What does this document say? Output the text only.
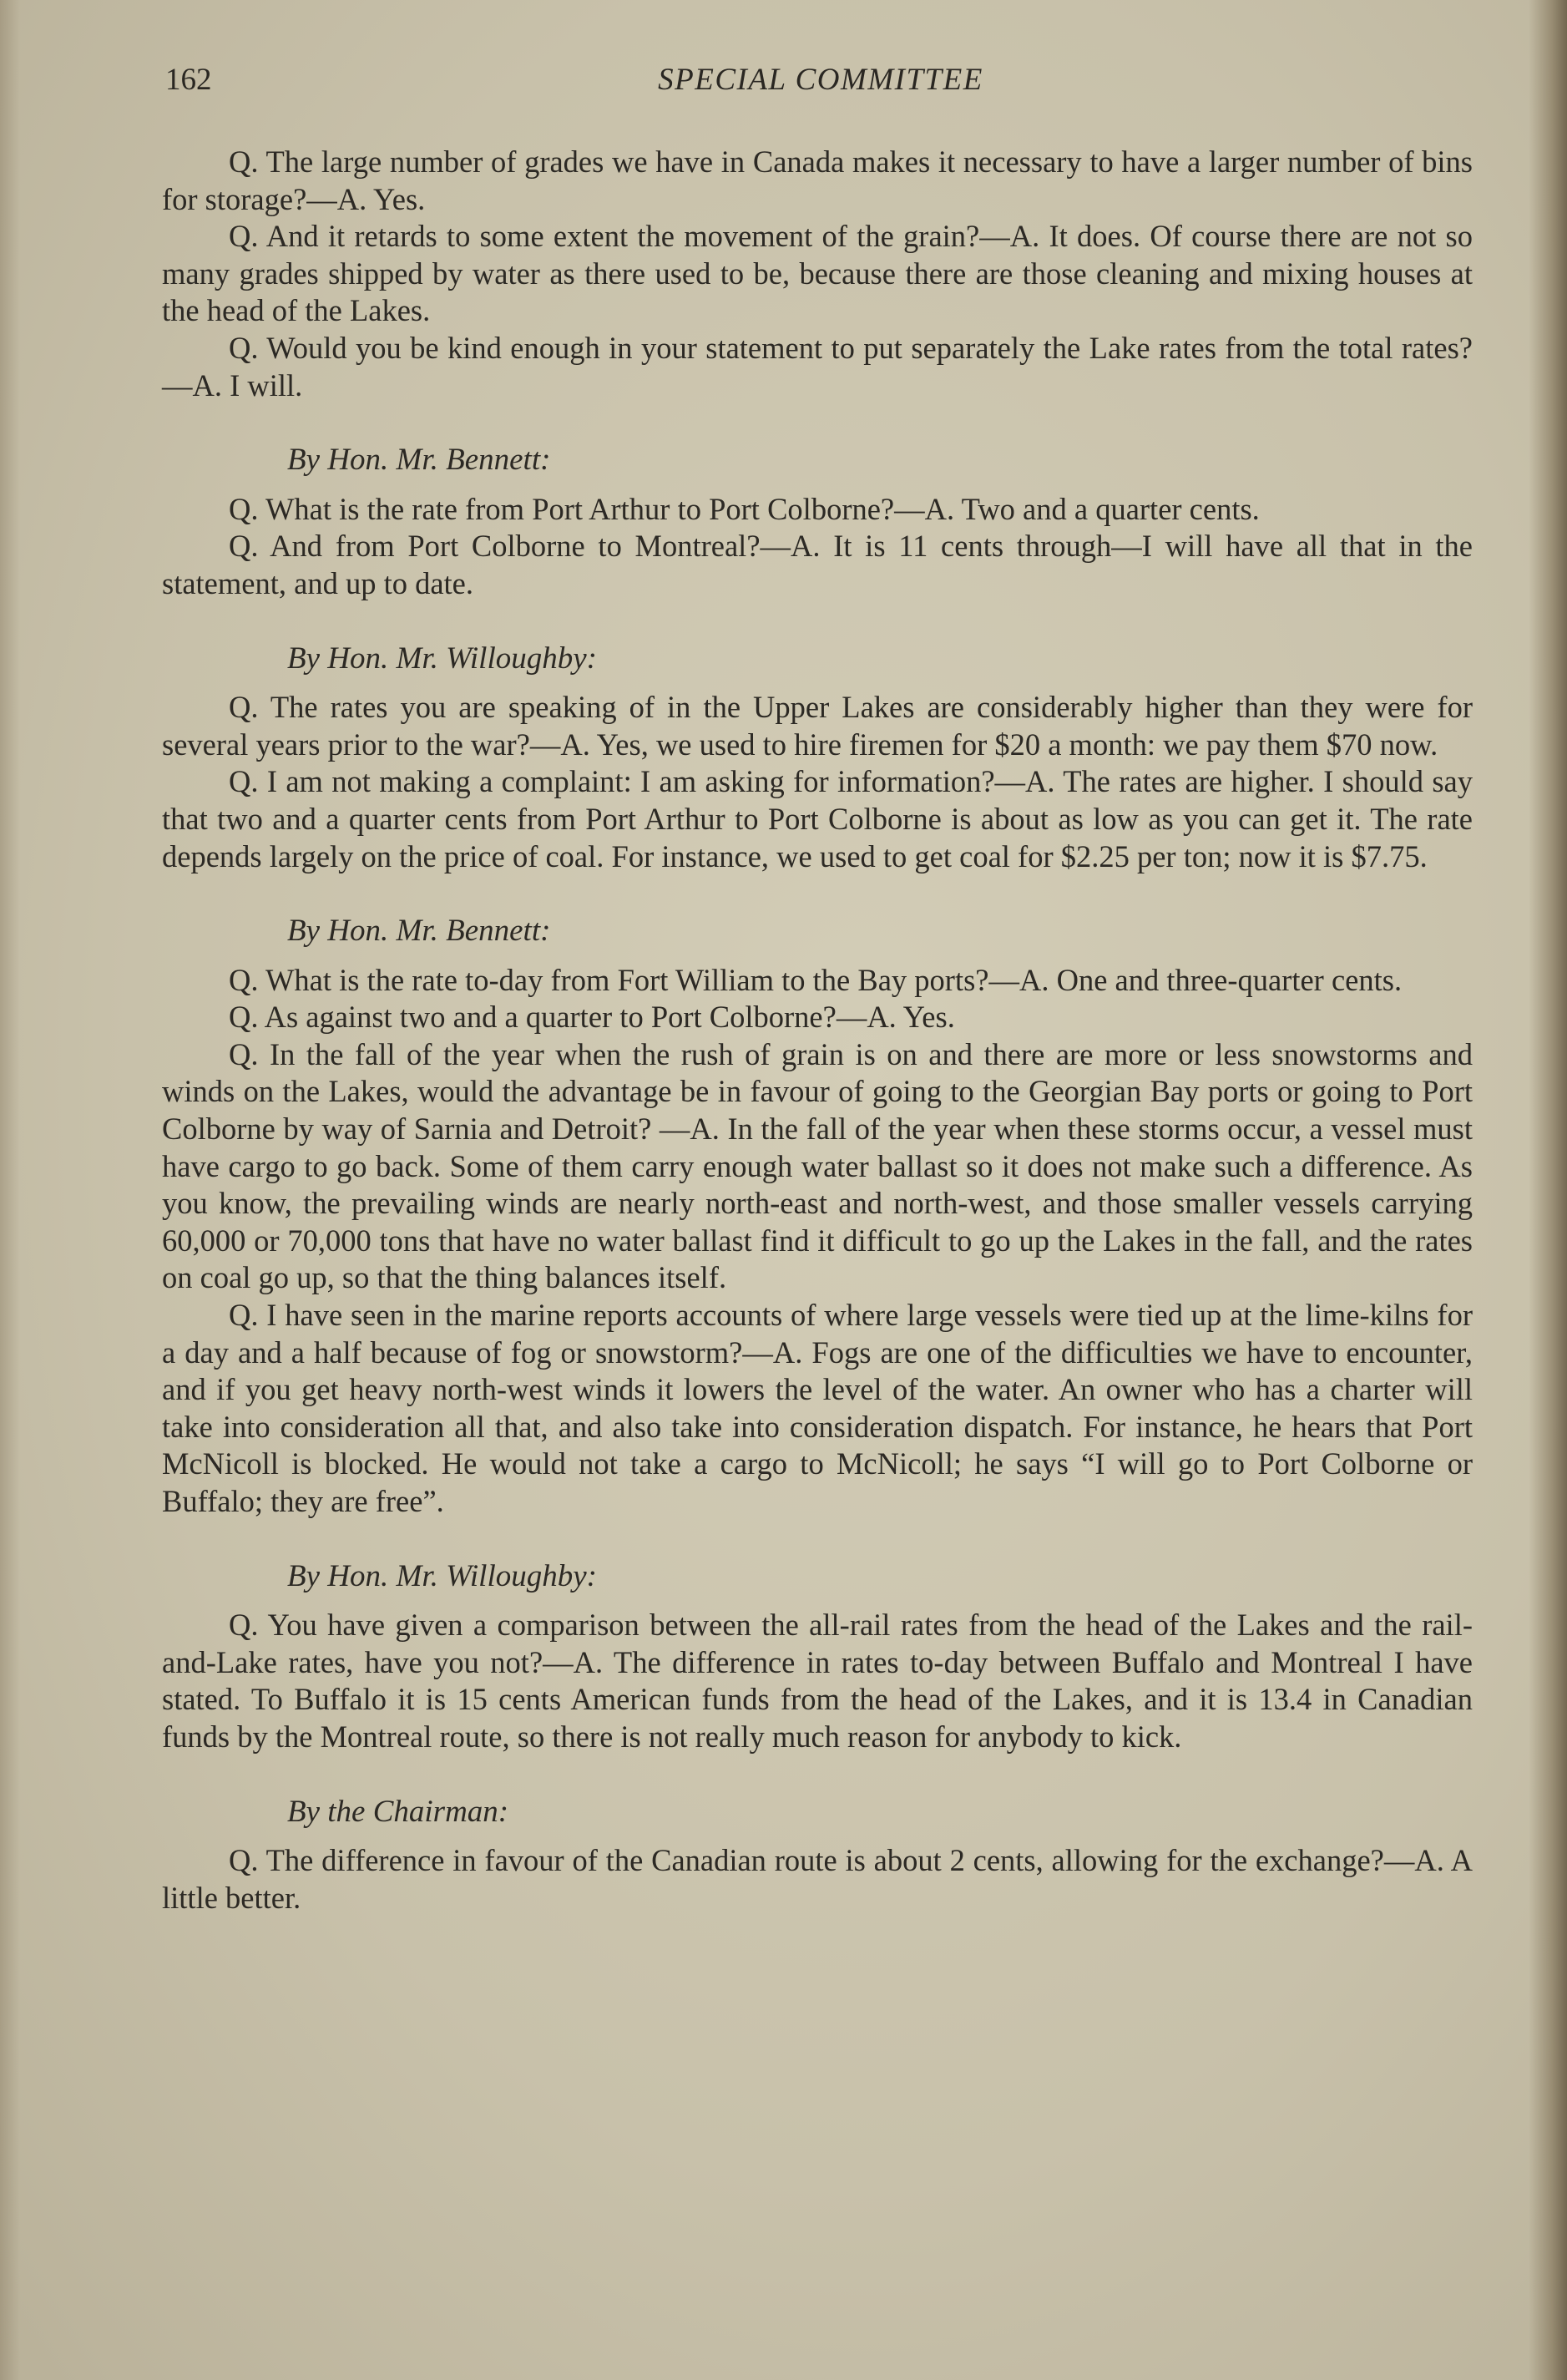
162	SPECIAL COMMITTEE

Q. The large number of grades we have in Canada makes it necessary to have a larger number of bins for storage?—A. Yes.

Q. And it retards to some extent the movement of the grain?—A. It does. Of course there are not so many grades shipped by water as there used to be, because there are those cleaning and mixing houses at the head of the Lakes.

Q. Would you be kind enough in your statement to put separately the Lake rates from the total rates?—A. I will.

By Hon. Mr. Bennett:

Q. What is the rate from Port Arthur to Port Colborne?—A. Two and a quarter cents.

Q. And from Port Colborne to Montreal?—A. It is 11 cents through—I will have all that in the statement, and up to date.

By Hon. Mr. Willoughby:

Q. The rates you are speaking of in the Upper Lakes are considerably higher than they were for several years prior to the war?—A. Yes, we used to hire firemen for $20 a month: we pay them $70 now.

Q. I am not making a complaint: I am asking for information?—A. The rates are higher. I should say that two and a quarter cents from Port Arthur to Port Colborne is about as low as you can get it. The rate depends largely on the price of coal. For instance, we used to get coal for $2.25 per ton; now it is $7.75.

By Hon. Mr. Bennett:

Q. What is the rate to-day from Fort William to the Bay ports?—A. One and three-quarter cents.

Q. As against two and a quarter to Port Colborne?—A. Yes.

Q. In the fall of the year when the rush of grain is on and there are more or less snowstorms and winds on the Lakes, would the advantage be in favour of going to the Georgian Bay ports or going to Port Colborne by way of Sarnia and Detroit? —A. In the fall of the year when these storms occur, a vessel must have cargo to go back. Some of them carry enough water ballast so it does not make such a difference. As you know, the prevailing winds are nearly north-east and north-west, and those smaller vessels carrying 60,000 or 70,000 tons that have no water ballast find it difficult to go up the Lakes in the fall, and the rates on coal go up, so that the thing balances itself.

Q. I have seen in the marine reports accounts of where large vessels were tied up at the lime-kilns for a day and a half because of fog or snowstorm?—A. Fogs are one of the difficulties we have to encounter, and if you get heavy north-west winds it lowers the level of the water. An owner who has a charter will take into consideration all that, and also take into consideration dispatch. For instance, he hears that Port McNicoll is blocked. He would not take a cargo to McNicoll; he says “I will go to Port Colborne or Buffalo; they are free”.

By Hon. Mr. Willoughby:

Q. You have given a comparison between the all-rail rates from the head of the Lakes and the rail-and-Lake rates, have you not?—A. The difference in rates to-day between Buffalo and Montreal I have stated. To Buffalo it is 15 cents American funds from the head of the Lakes, and it is 13.4 in Canadian funds by the Montreal route, so there is not really much reason for anybody to kick.

By the Chairman:

Q. The difference in favour of the Canadian route is about 2 cents, allowing for the exchange?—A. A little better.
